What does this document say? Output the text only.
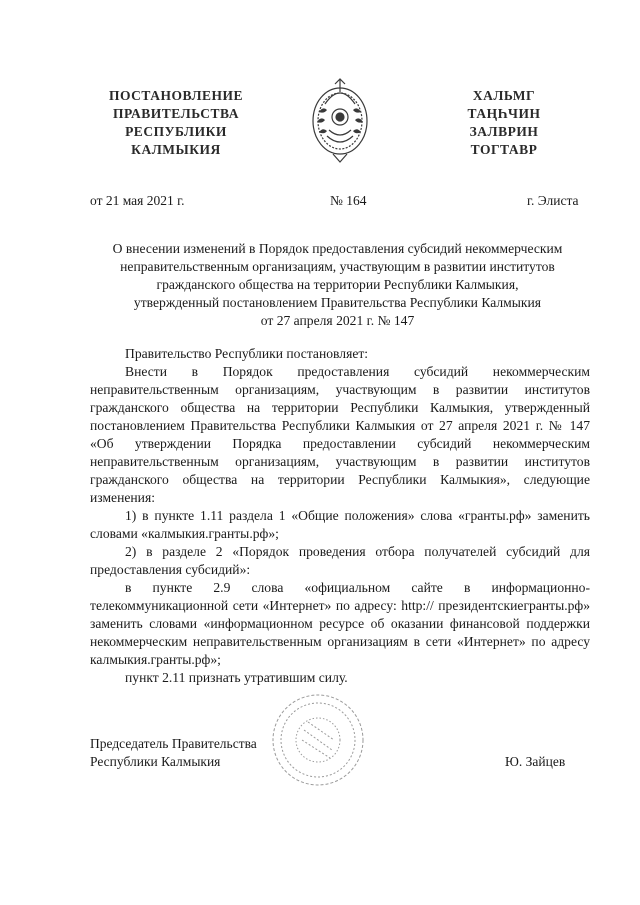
ПОСТАНОВЛЕНИЕ
ПРАВИТЕЛЬСТВА
РЕСПУБЛИКИ
КАЛМЫКИЯ
ХАЛЬМГ
ТАҢҺЧИН
ЗАЛВРИН
ТОГТАВР
от 21 мая 2021 г.	№ 164	г. Элиста
О внесении изменений в Порядок предоставления субсидий некоммерческим
неправительственным организациям, участвующим в развитии институтов
гражданского общества на территории Республики Калмыкия,
утвержденный постановлением Правительства Республики Калмыкия
от 27 апреля 2021 г. № 147

Правительство Республики постановляет:

Внести в Порядок предоставления субсидий некоммерческим неправительственным организациям, участвующим в развитии институтов гражданского общества на территории Республики Калмыкия, утвержденный постановлением Правительства Республики Калмыкия от 27 апреля 2021 г. № 147 «Об утверждении Порядка предоставлении субсидий некоммерческим неправительственным организациям, участвующим в развитии институтов гражданского общества на территории Республики Калмыкия», следующие изменения:

1) в пункте 1.11 раздела 1 «Общие положения» слова «гранты.рф» заменить словами «калмыкия.гранты.рф»;

2) в разделе 2 «Порядок проведения отбора получателей субсидий для предоставления субсидий»:

в пункте 2.9 слова «официальном сайте в информационно-телекоммуникационной сети «Интернет» по адресу: http:// президентскиегранты.рф» заменить словами «информационном ресурсе об оказании финансовой поддержки некоммерческим неправительственным организациям в сети «Интернет» по адресу калмыкия.гранты.рф»;

пункт 2.11 признать утратившим силу.

Председатель Правительства
Республики Калмыкия	Ю. Зайцев
